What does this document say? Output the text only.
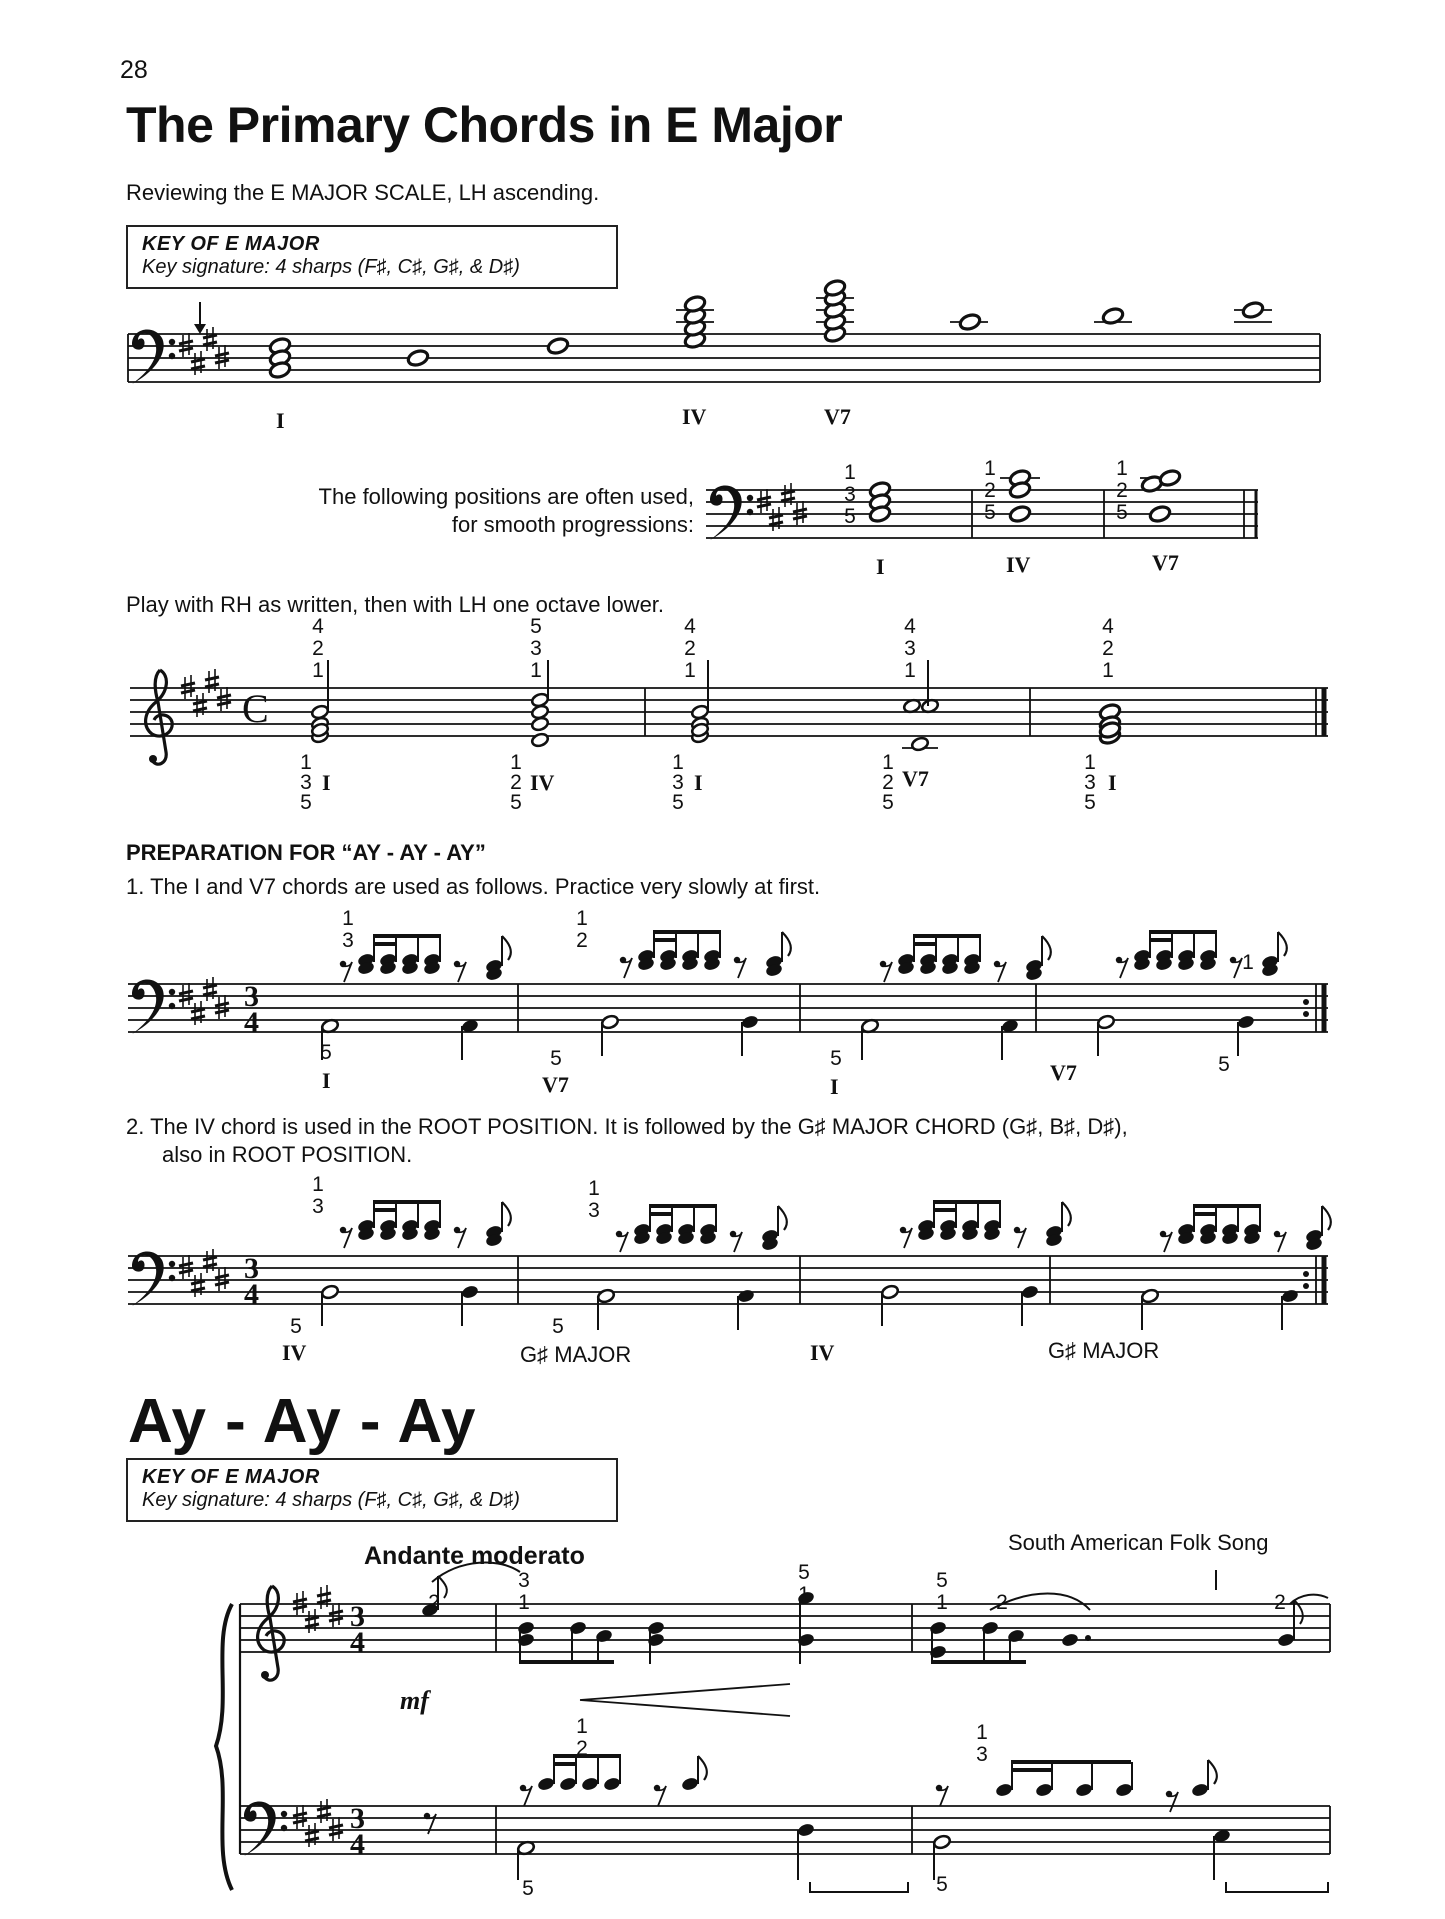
28
The Primary Chords in E Major
Reviewing the E MAJOR SCALE, LH ascending.
KEY OF E MAJOR
Key signature: 4 sharps (F♯, C♯, G♯, & D♯)
C
3
4
3
4
3
4
3
4
I	IV	V7
The following positions are often used,
for smooth progressions:
1
3
5
1
2
5
1
2
5
I	IV	V7
Play with RH as written, then with LH one octave lower.
4
2
1
5
3
1
4
2
1
4
3
1
4
2
1
1
3
5
I
1
2
5
IV
1
3
5
I
1
2
5
V7
1
3
5
I
PREPARATION FOR “AY - AY - AY”
1. The I and V7 chords are used as follows. Practice very slowly at first.
1
3
1
2
1
5
I
5
V7
5
I
V7	5
2. The IV chord is used in the ROOT POSITION. It is followed by the G♯ MAJOR CHORD (G♯, B♯, D♯),
also in ROOT POSITION.
1
3
1
3
5
IV
5
G♯ MAJOR	IV	G♯ MAJOR
Ay - Ay - Ay
KEY OF E MAJOR
Key signature: 4 sharps (F♯, C♯, G♯, & D♯)
Andante moderato	South American Folk Song
mf
2
3
1
5
1
5
1 2	2
1
2
1
3
5	5
